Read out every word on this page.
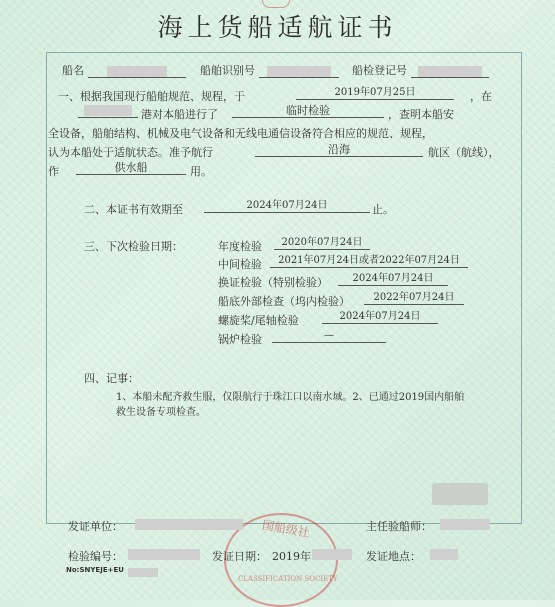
海上货船适航证书
船名	船舶识别号	船检登记号
一、根据我国现行船舶规范、规程，于	2019年07月25日	，在
港对本船进行了	临时检验	，查明本船安
全设备，船舶结构、机械及电气设备和无线电通信设备符合相应的规范、规程，
认为本船处于适航状态。准予航行	沿海	航区（航线），
作	供水船	用。
二、本证书有效期至	2024年07月24日	止。
三、下次检验日期：	年度检验	2020年07月24日
中间检验	2021年07月24日或者2022年07月24日
换证检验（特别检验）	2024年07月24日
船底外部检查（坞内检验）	2022年07月24日
螺旋桨/尾轴检验	2024年07月24日
锅炉检验	—
四、记事：
1、本船未配齐救生服，仅限航行于珠江口以南水域。2、已通过2019国内船舶
救生设备专项检查。
国船级社
CLASSIFICATION SOCIETY
发证单位：	主任验船师：
检验编号：	发证日期： 2019年	发证地点：
No:SNYEJE+EU
